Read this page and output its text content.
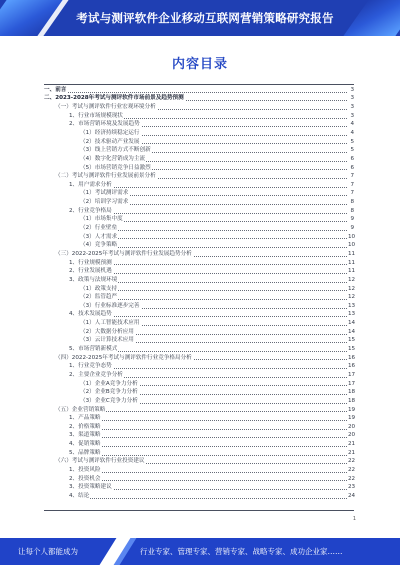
考试与测评软件企业移动互联网营销策略研究报告
内容目录
一、前言	3
二、2023-2028年考试与测评软件市场前景及趋势预测	3
（一）考试与测评软件行业宏观环境分析	3
1、行业市场规模现状	3
2、市场营销环境及发展趋势	4
（1）经济持续稳定运行	4
（2）技术驱动产业发展	5
（3）线上营销方式不断创新	5
（4）数字化营销成为主流	6
（5）市场营销竞争日益激烈	6
（二）考试与测评软件行业发展前景分析	7
1、用户需求分析	7
（1）考试测评需求	7
（2）培训学习需求	8
2、行业竞争格局	8
（1）市场集中度	9
（2）行业壁垒	9
（3）人才需求	10
（4）竞争策略	10
（三）2022-2025年考试与测评软件行业发展趋势分析	11
1、行业规模预测	11
2、行业发展机遇	11
3、政策与法规环境	12
（1）政策支持	12
（2）监管趋严	12
（3）行业标准逐步完善	13
4、技术发展趋势	13
（1）人工智能技术应用	14
（2）大数据分析应用	14
（3）云计算技术应用	15
5、市场营销新模式	15
（四）2022-2025年考试与测评软件行业竞争格局分析	16
1、行业竞争态势	16
2、主要企业竞争分析	17
（1）企业A竞争力分析	17
（2）企业B竞争力分析	18
（3）企业C竞争力分析	18
（五）企业营销策略	19
1、产品策略	19
2、价格策略	20
3、渠道策略	20
4、促销策略	21
5、品牌策略	21
（六）考试与测评软件行业投资建议	22
1、投资风险	22
2、投资机会	22
3、投资策略建议	23
4、结论	24
让每个人都能成为	行业专家、管理专家、营销专家、战略专家、成功企业家……
1
